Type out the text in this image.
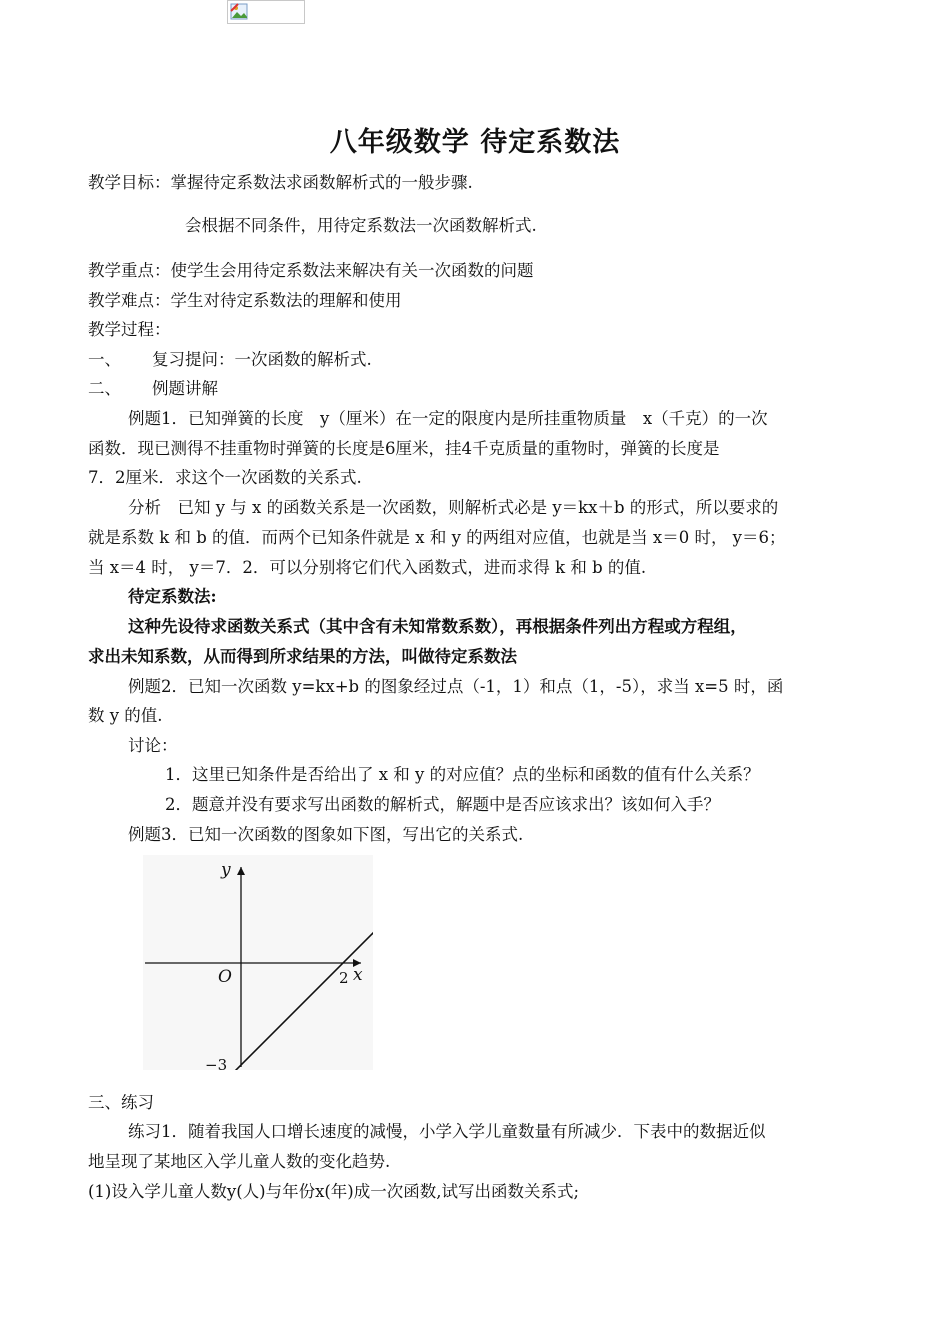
八年级数学 待定系数法
教学目标：掌握待定系数法求函数解析式的一般步骤.
会根据不同条件，用待定系数法一次函数解析式.
教学重点：使学生会用待定系数法来解决有关一次函数的问题
教学难点：学生对待定系数法的理解和使用
教学过程：
一、 复习提问：一次函数的解析式.
二、 例题讲解
例题1．已知弹簧的长度　y（厘米）在一定的限度内是所挂重物质量　x（千克）的一次
函数．现已测得不挂重物时弹簧的长度是6厘米，挂4千克质量的重物时，弹簧的长度是
7．2厘米．求这个一次函数的关系式.
分析　已知 y 与 x 的函数关系是一次函数，则解析式必是 y＝kx＋b 的形式，所以要求的
就是系数 k 和 b 的值．而两个已知条件就是 x 和 y 的两组对应值，也就是当 x＝0 时， y＝6；
当 x＝4 时， y＝7．2．可以分别将它们代入函数式，进而求得 k 和 b 的值.
待定系数法:
这种先设待求函数关系式（其中含有未知常数系数），再根据条件列出方程或方程组，
求出未知系数，从而得到所求结果的方法，叫做待定系数法
例题2．已知一次函数 y=kx+b 的图象经过点（-1，1）和点（1，-5），求当 x=5 时，函
数 y 的值.
讨论：
1．这里已知条件是否给出了 x 和 y 的对应值？点的坐标和函数的值有什么关系？
2．题意并没有要求写出函数的解析式，解题中是否应该求出？该如何入手？
例题3．已知一次函数的图象如下图，写出它的关系式.
y
x
O	2
−3
三、练习
练习1．随着我国人口增长速度的减慢，小学入学儿童数量有所减少．下表中的数据近似
地呈现了某地区入学儿童人数的变化趋势.
(1)设入学儿童人数y(人)与年份x(年)成一次函数,试写出函数关系式;
